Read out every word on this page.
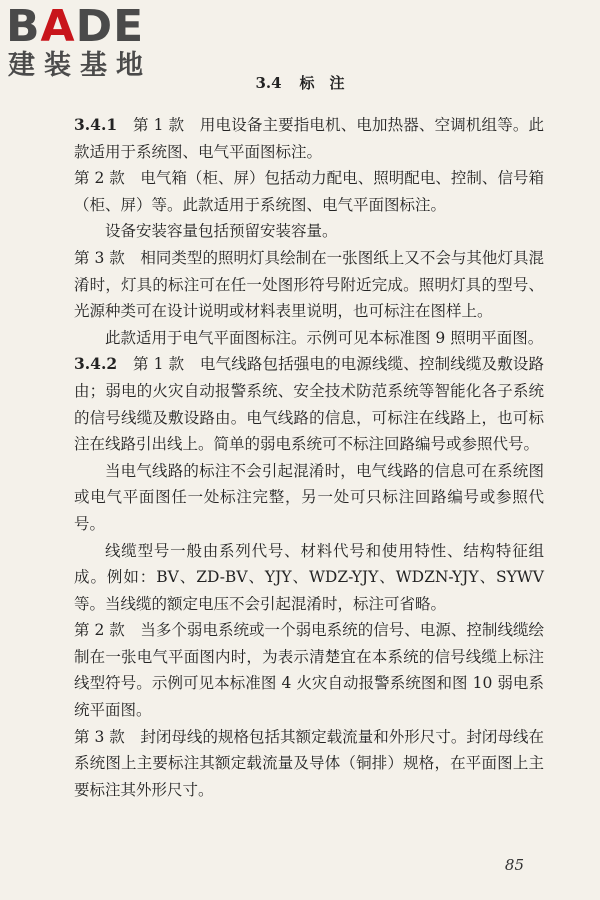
BADE
建装基地
3.4 标　注

3.4.1　 第 1 款　用电设备主要指电机、电加热器、空调机组等。此款适用于系统图、电气平面图标注。

第 2 款　电气箱（柜、屏）包括动力配电、照明配电、控制、信号箱（柜、屏）等。此款适用于系统图、电气平面图标注。

设备安装容量包括预留安装容量。

第 3 款　相同类型的照明灯具绘制在一张图纸上又不会与其他灯具混淆时，灯具的标注可在任一处图形符号附近完成。照明灯具的型号、光源种类可在设计说明或材料表里说明，也可标注在图样上。

此款适用于电气平面图标注。示例可见本标准图 9 照明平面图。

3.4.2　 第 1 款　电气线路包括强电的电源线缆、控制线缆及敷设路由；弱电的火灾自动报警系统、安全技术防范系统等智能化各子系统的信号线缆及敷设路由。电气线路的信息，可标注在线路上，也可标注在线路引出线上。简单的弱电系统可不标注回路编号或参照代号。

当电气线路的标注不会引起混淆时，电气线路的信息可在系统图或电气平面图任一处标注完整，另一处可只标注回路编号或参照代号。

线缆型号一般由系列代号、材料代号和使用特性、结构特征组成。例如：BV、ZD-BV、YJY、WDZ-YJY、WDZN-YJY、SYWV 等。当线缆的额定电压不会引起混淆时，标注可省略。

第 2 款　当多个弱电系统或一个弱电系统的信号、电源、控制线缆绘制在一张电气平面图内时，为表示清楚宜在本系统的信号线缆上标注线型符号。示例可见本标准图 4 火灾自动报警系统图和图 10 弱电系统平面图。

第 3 款　封闭母线的规格包括其额定载流量和外形尺寸。封闭母线在系统图上主要标注其额定载流量及导体（铜排）规格，在平面图上主要标注其外形尺寸。

85
